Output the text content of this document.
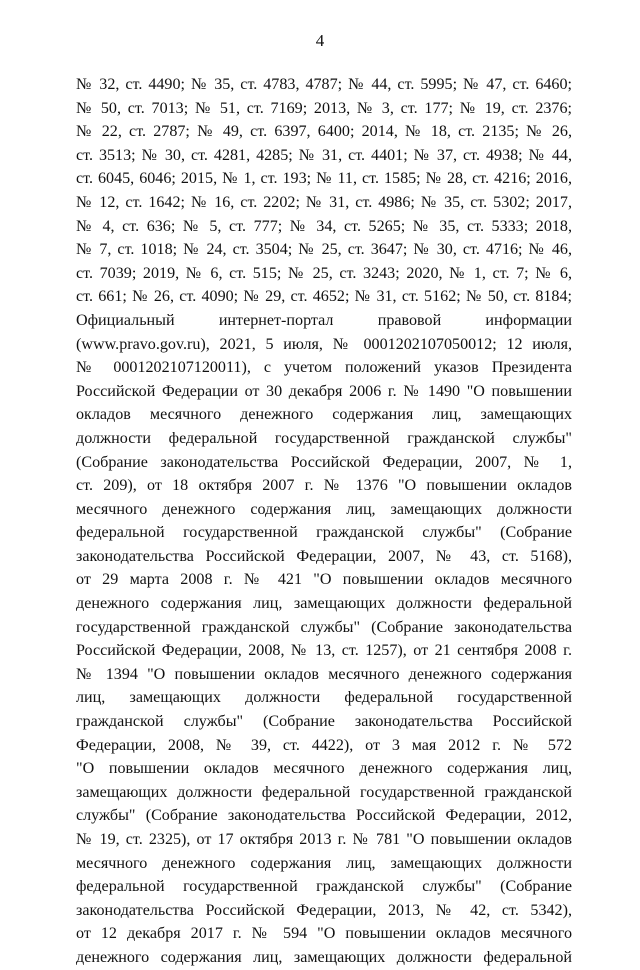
4
№ 32, ст. 4490; № 35, ст. 4783, 4787; № 44, ст. 5995; № 47, ст. 6460;
№ 50, ст. 7013; № 51, ст. 7169; 2013, № 3, ст. 177; № 19, ст. 2376;
№ 22, ст. 2787; № 49, ст. 6397, 6400; 2014, № 18, ст. 2135; № 26,
ст. 3513; № 30, ст. 4281, 4285; № 31, ст. 4401; № 37, ст. 4938; № 44,
ст. 6045, 6046; 2015, № 1, ст. 193; № 11, ст. 1585; № 28, ст. 4216; 2016,
№ 12, ст. 1642; № 16, ст. 2202; № 31, ст. 4986; № 35, ст. 5302; 2017,
№ 4, ст. 636; № 5, ст. 777; № 34, ст. 5265; № 35, ст. 5333; 2018,
№ 7, ст. 1018; № 24, ст. 3504; № 25, ст. 3647; № 30, ст. 4716; № 46,
ст. 7039; 2019, № 6, ст. 515; № 25, ст. 3243; 2020, № 1, ст. 7; № 6,
ст. 661; № 26, ст. 4090; № 29, ст. 4652; № 31, ст. 5162; № 50, ст. 8184;
Официальный интернет-портал правовой информации
(www.pravo.gov.ru), 2021, 5 июля, № 0001202107050012; 12 июля,
№ 0001202107120011), с учетом положений указов Президента
Российской Федерации от 30 декабря 2006 г. № 1490 "О повышении
окладов месячного денежного содержания лиц, замещающих
должности федеральной государственной гражданской службы"
(Собрание законодательства Российской Федерации, 2007, № 1,
ст. 209), от 18 октября 2007 г. № 1376 "О повышении окладов
месячного денежного содержания лиц, замещающих должности
федеральной государственной гражданской службы" (Собрание
законодательства Российской Федерации, 2007, № 43, ст. 5168),
от 29 марта 2008 г. № 421 "О повышении окладов месячного
денежного содержания лиц, замещающих должности федеральной
государственной гражданской службы" (Собрание законодательства
Российской Федерации, 2008, № 13, ст. 1257), от 21 сентября 2008 г.
№ 1394 "О повышении окладов месячного денежного содержания
лиц, замещающих должности федеральной государственной
гражданской службы" (Собрание законодательства Российской
Федерации, 2008, № 39, ст. 4422), от 3 мая 2012 г. № 572
"О повышении окладов месячного денежного содержания лиц,
замещающих должности федеральной государственной гражданской
службы" (Собрание законодательства Российской Федерации, 2012,
№ 19, ст. 2325), от 17 октября 2013 г. № 781 "О повышении окладов
месячного денежного содержания лиц, замещающих должности
федеральной государственной гражданской службы" (Собрание
законодательства Российской Федерации, 2013, № 42, ст. 5342),
от 12 декабря 2017 г. № 594 "О повышении окладов месячного
денежного содержания лиц, замещающих должности федеральной
